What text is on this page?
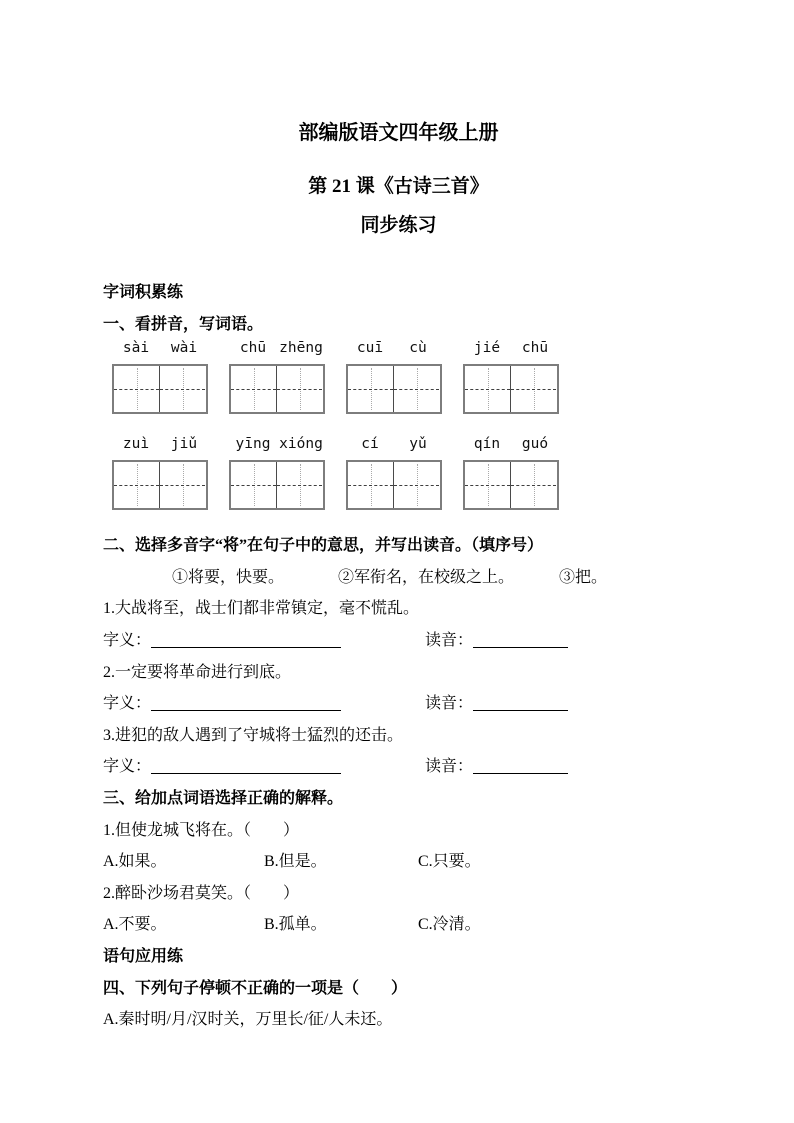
部编版语文四年级上册
第 21 课《古诗三首》
同步练习
字词积累练
一、看拼音，写词语。
sài	wài	chū zhēng	cuī	cù	jié	chū
zuì	jiǔ	yīng xióng	cí	yǔ	qín	guó
二、选择多音字“将”在句子中的意思，并写出读音。（填序号）
①将要，快要。	②军衔名，在校级之上。	③把。
1.大战将至，战士们都非常镇定，毫不慌乱。
字义：	读音：
2.一定要将革命进行到底。
字义：	读音：
3.进犯的敌人遇到了守城将士猛烈的还击。
字义：	读音：
三、给加点词语选择正确的解释。
1.但使龙城飞将在。（　　）
A.如果。	B.但是。	C.只要。
2.醉卧沙场君莫笑。（　　）
A.不要。	B.孤单。	C.冷清。
语句应用练
四、下列句子停顿不正确的一项是（　　）
A.秦时明/月/汉时关，万里长/征/人未还。
